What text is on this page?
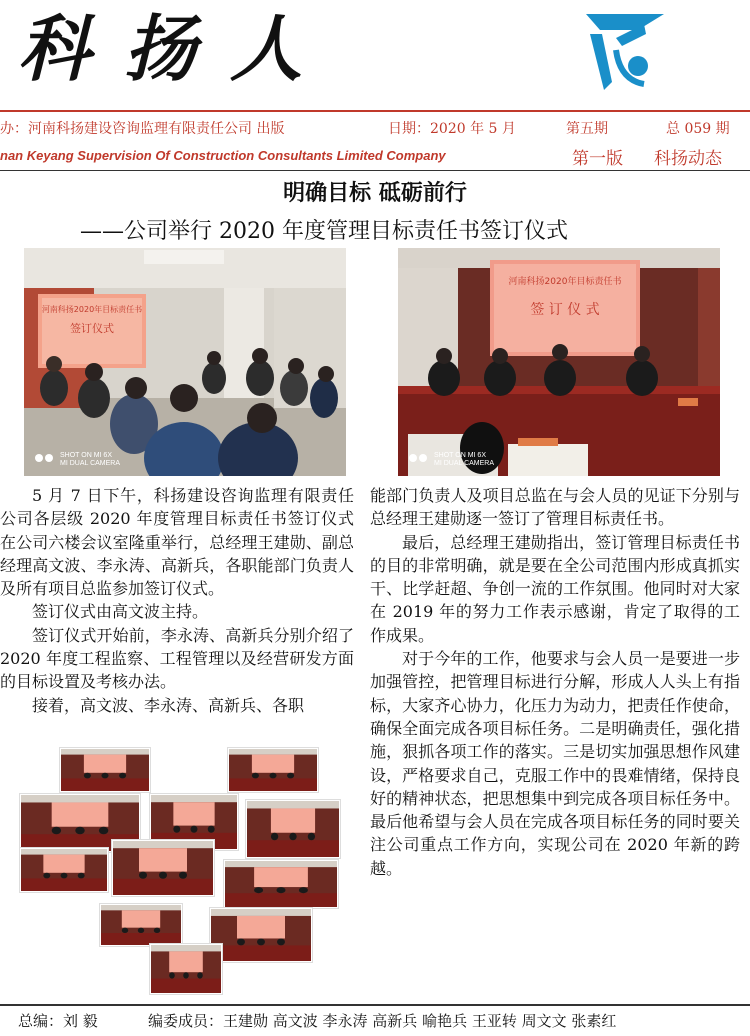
科扬人
办：河南科扬建设咨询监理有限责任公司 出版	日期：2020 年 5 月	第五期	总 059 期
nan Keyang Supervision Of Construction Consultants Limited Company	第一版 科扬动态
明确目标 砥砺前行
——公司举行 2020 年度管理目标责任书签订仪式
河南科扬2020年目标责任书
签订仪式
SHOT ON MI 6X
MI DUAL CAMERA
河南科扬2020年目标责任书
签 订 仪 式
SHOT ON MI 6X
MI DUAL CAMERA

5 月 7 日下午，科扬建设咨询监理有限责任公司各层级 2020 年度管理目标责任书签订仪式在公司六楼会议室隆重举行，总经理王建勋、副总经理高文波、李永涛、高新兵，各职能部门负责人及所有项目总监参加签订仪式。

签订仪式由高文波主持。

签订仪式开始前，李永涛、高新兵分别介绍了 2020 年度工程监察、工程管理以及经营研发方面的目标设置及考核办法。

接着，高文波、李永涛、高新兵、各职

能部门负责人及项目总监在与会人员的见证下分别与总经理王建勋逐一签订了管理目标责任书。

最后，总经理王建勋指出，签订管理目标责任书的目的非常明确，就是要在全公司范围内形成真抓实干、比学赶超、争创一流的工作氛围。他同时对大家在 2019 年的努力工作表示感谢，肯定了取得的工作成果。

对于今年的工作，他要求与会人员一是要进一步加强管控，把管理目标进行分解，形成人人头上有指标，大家齐心协力，化压力为动力，把责任作使命，确保全面完成各项目标任务。二是明确责任，强化措施，狠抓各项工作的落实。三是切实加强思想作风建设，严格要求自己，克服工作中的畏难情绪，保持良好的精神状态，把思想集中到完成各项目标任务中。最后他希望与会人员在完成各项目标任务的同时要关注公司重点工作方向，实现公司在 2020 年新的跨越。

总编：刘 毅	编委成员：王建勋 高文波 李永涛 高新兵 喻艳兵 王亚转 周文文 张素红
